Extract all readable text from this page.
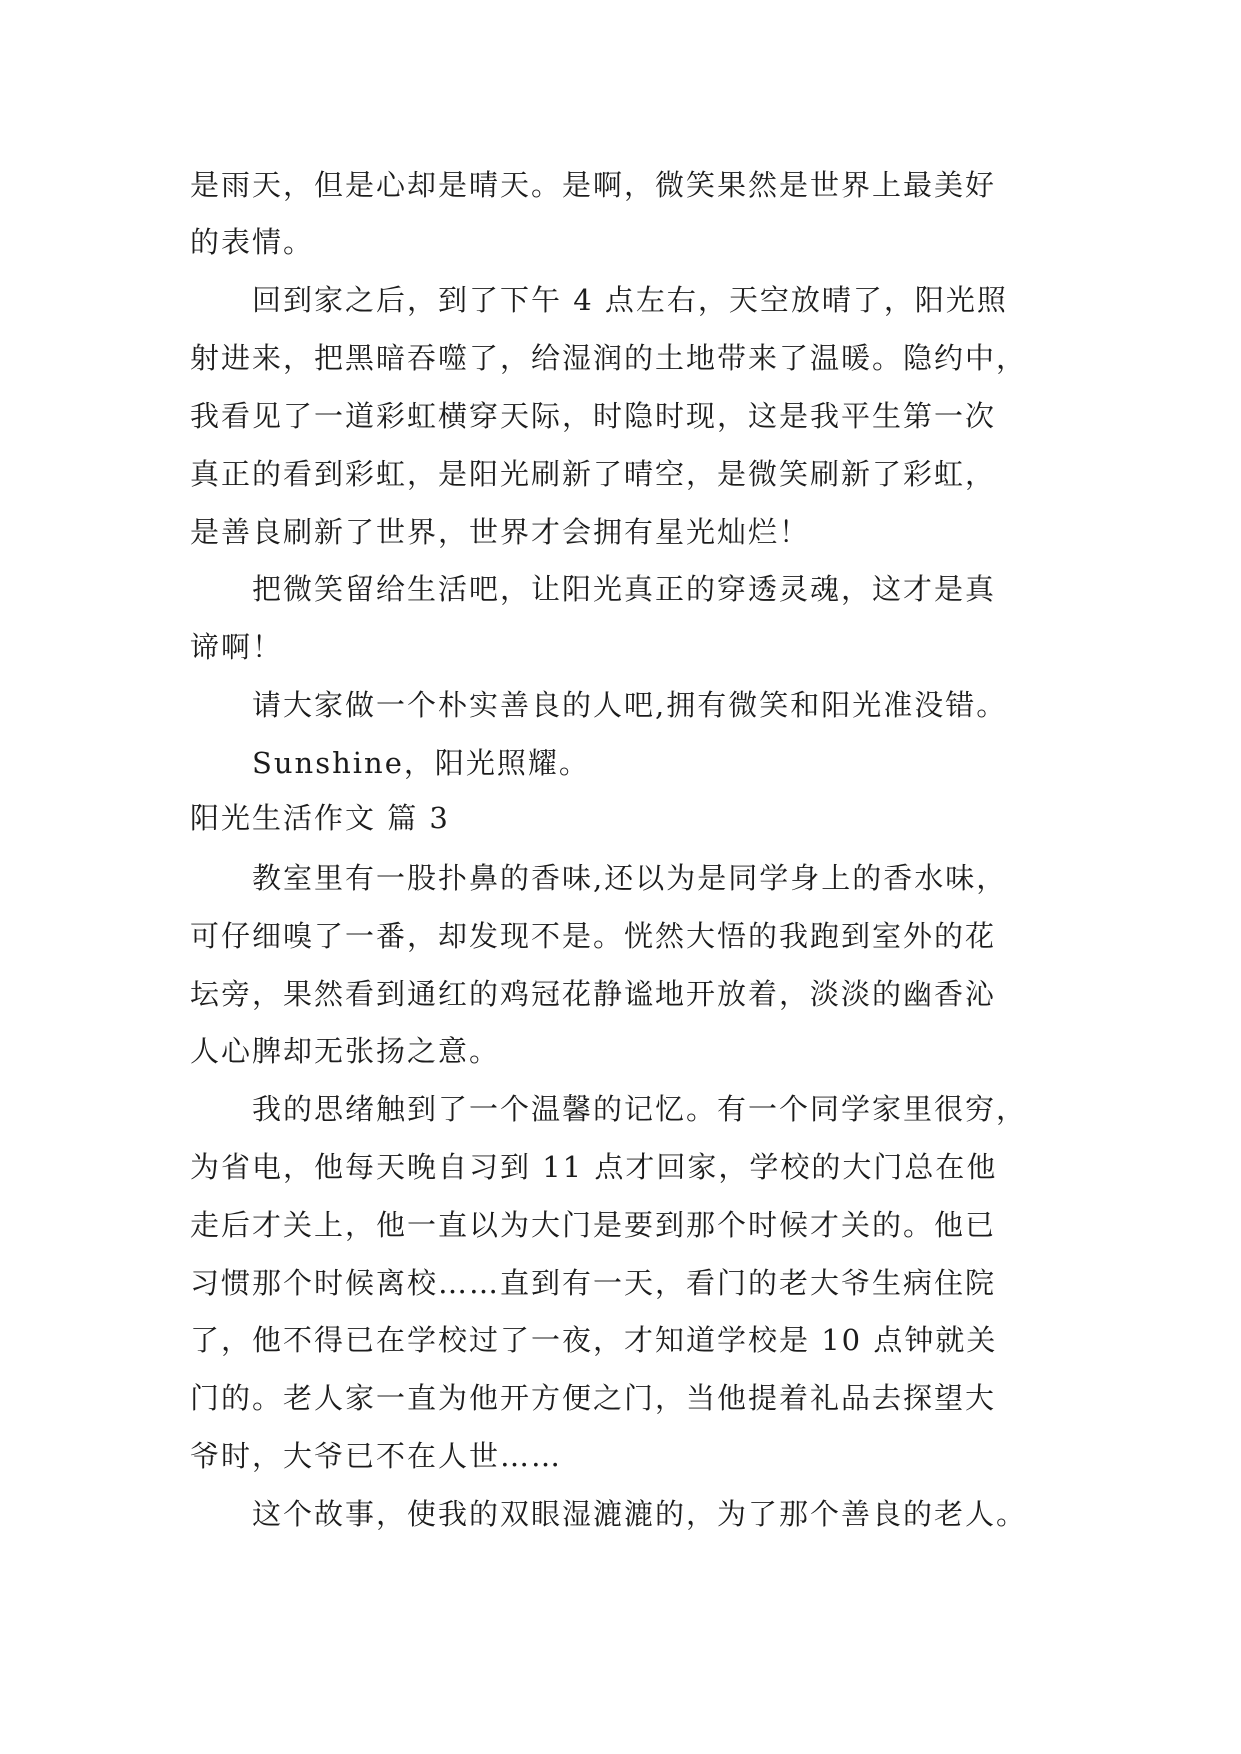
是雨天，但是心却是晴天。是啊，微笑果然是世界上最美好
的表情。
回到家之后，到了下午 4 点左右，天空放晴了，阳光照
射进来，把黑暗吞噬了，给湿润的土地带来了温暖。隐约中，
我看见了一道彩虹横穿天际，时隐时现，这是我平生第一次
真正的看到彩虹，是阳光刷新了晴空，是微笑刷新了彩虹，
是善良刷新了世界，世界才会拥有星光灿烂！
把微笑留给生活吧，让阳光真正的穿透灵魂，这才是真
谛啊！
请大家做一个朴实善良的人吧,拥有微笑和阳光准没错。
Sunshine，阳光照耀。
阳光生活作文 篇 3
教室里有一股扑鼻的香味,还以为是同学身上的香水味，
可仔细嗅了一番，却发现不是。恍然大悟的我跑到室外的花
坛旁，果然看到通红的鸡冠花静谧地开放着，淡淡的幽香沁
人心脾却无张扬之意。
我的思绪触到了一个温馨的记忆。有一个同学家里很穷，
为省电，他每天晚自习到 11 点才回家，学校的大门总在他
走后才关上，他一直以为大门是要到那个时候才关的。他已
习惯那个时候离校……直到有一天，看门的老大爷生病住院
了，他不得已在学校过了一夜，才知道学校是 10 点钟就关
门的。老人家一直为他开方便之门，当他提着礼品去探望大
爷时，大爷已不在人世……
这个故事，使我的双眼湿漉漉的，为了那个善良的老人。
